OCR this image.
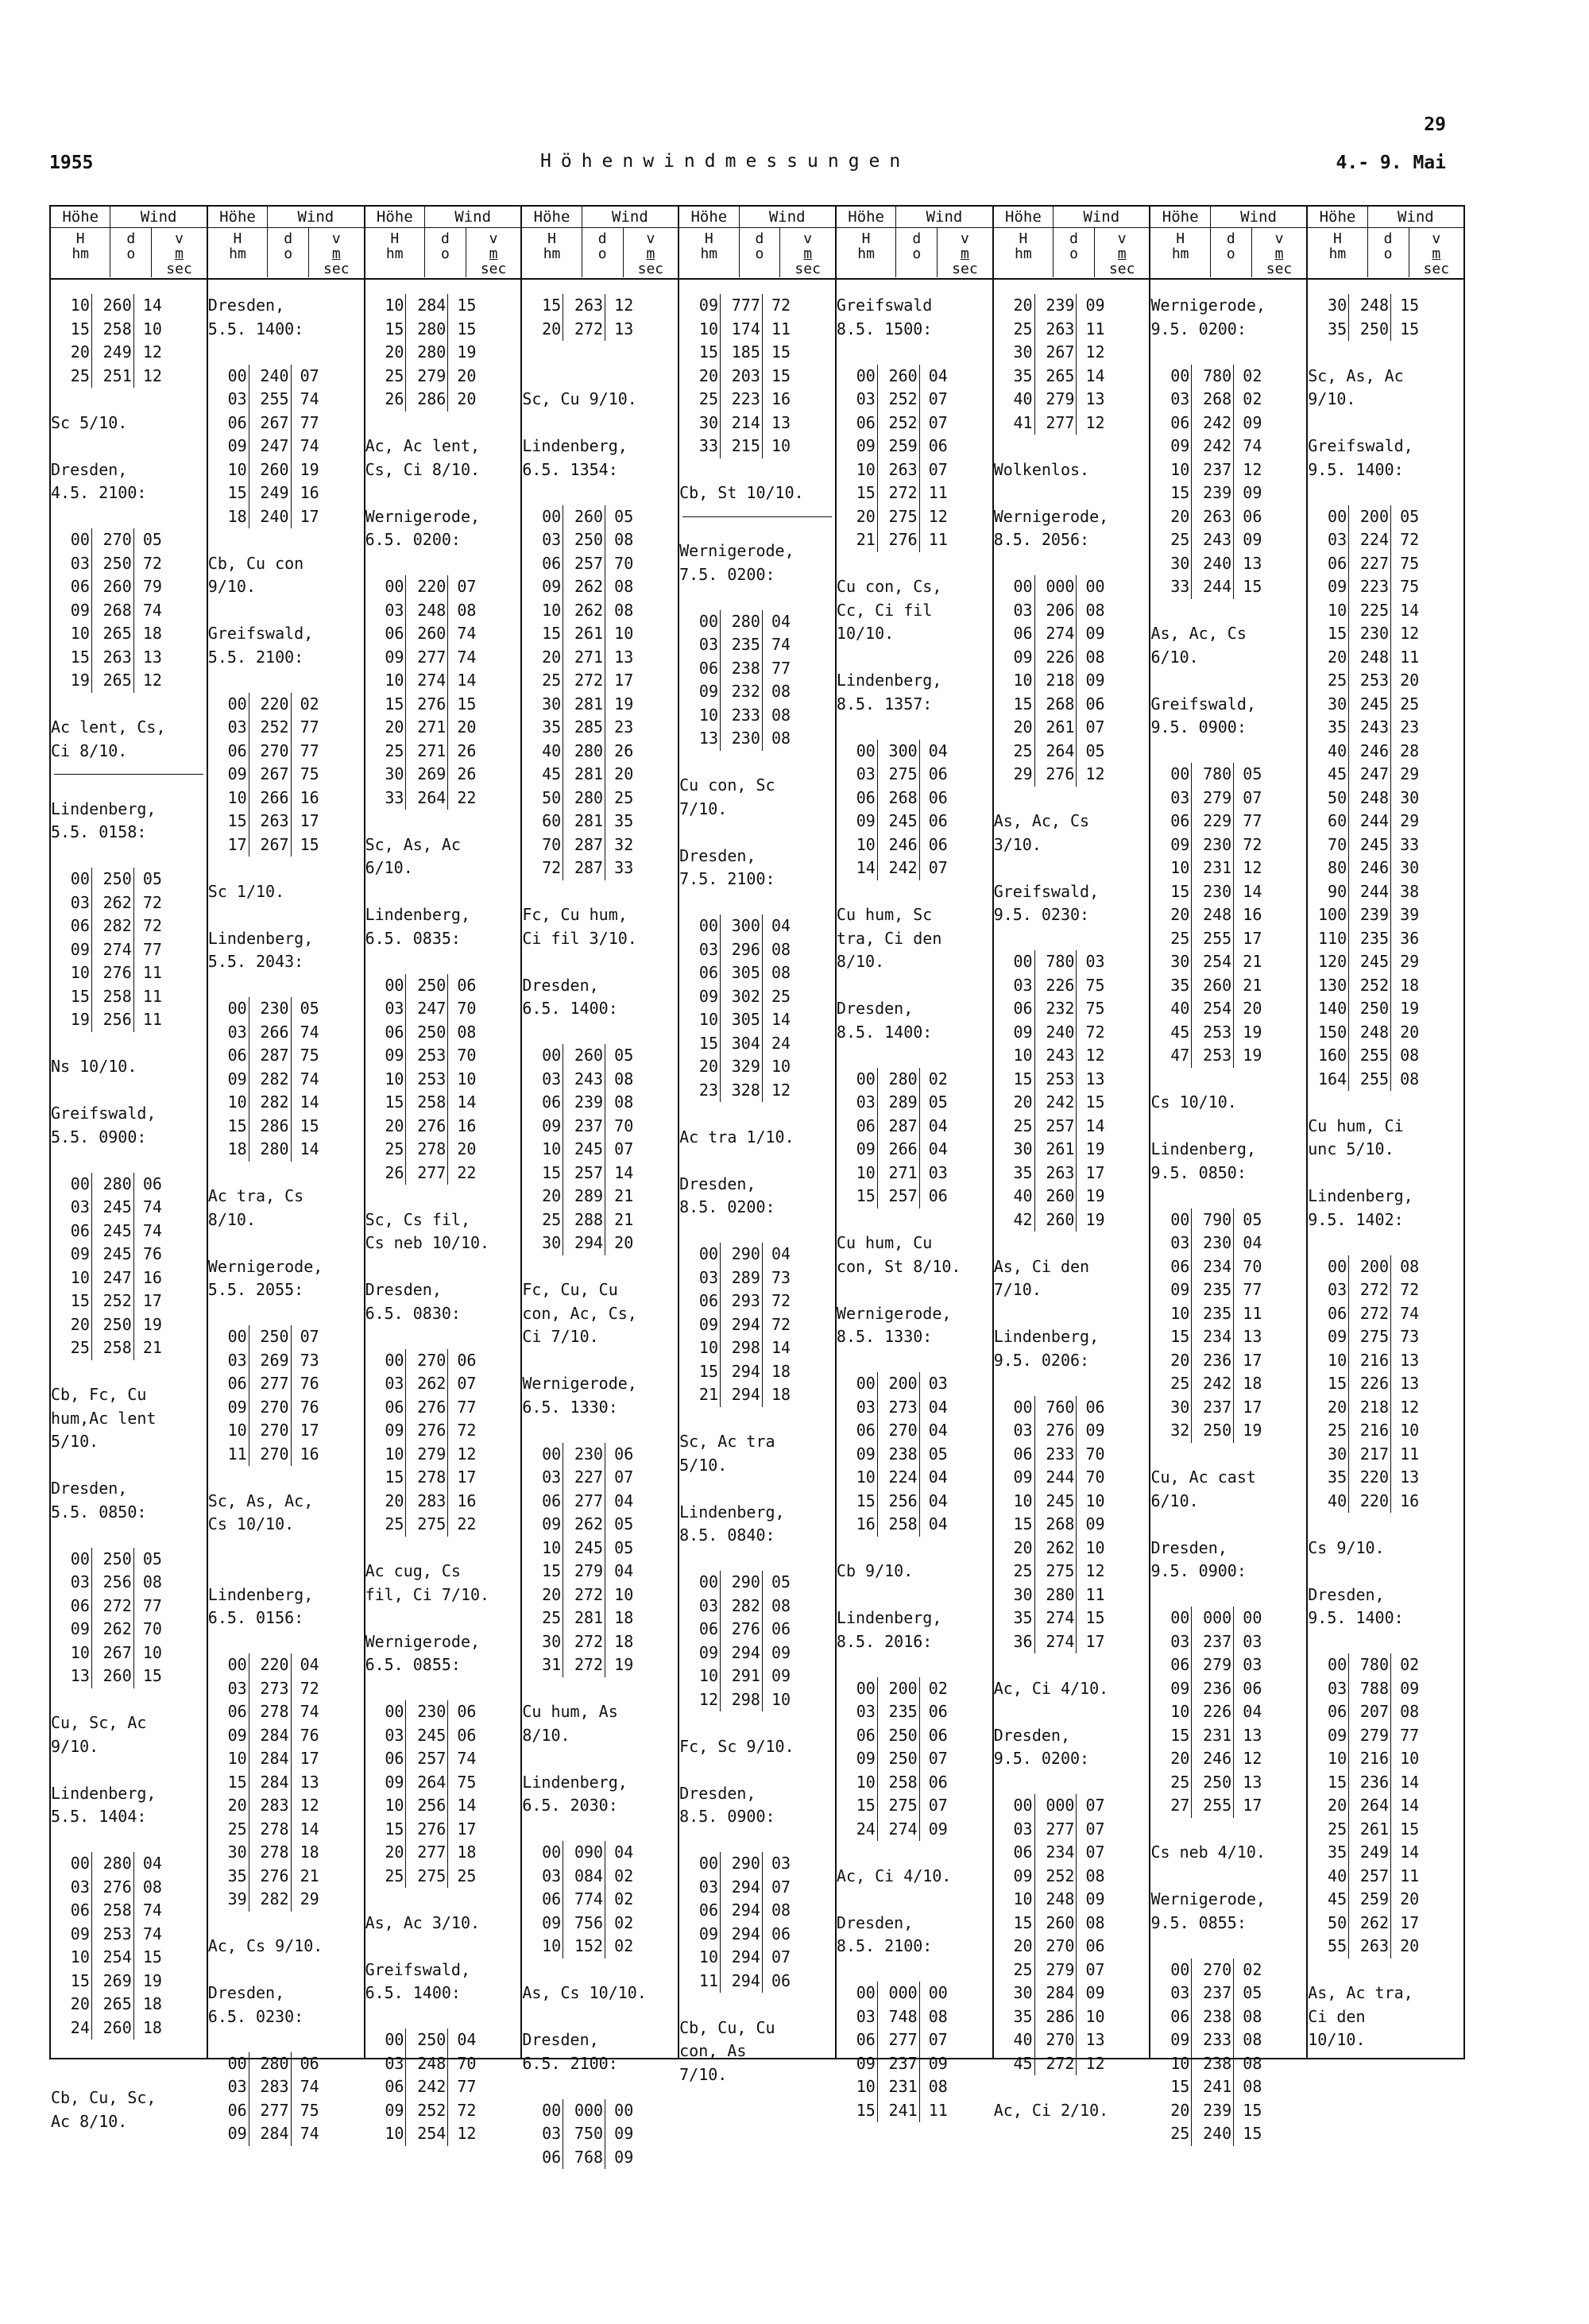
29
1955	Höhenwindmessungen	4.- 9. Mai
Höhe	Wind
H
hm
d
o
v
m
sec
10 260 14
15 258 10
20 249 12
25 251 12
Sc 5/10.
Dresden,
4.5. 2100:
00 270 05
03 250 72
06 260 79
09 268 74
10 265 18
15 263 13
19 265 12
Ac lent, Cs,
Ci 8/10.
Lindenberg,
5.5. 0158:
00 250 05
03 262 72
06 282 72
09 274 77
10 276 11
15 258 11
19 256 11
Ns 10/10.
Greifswald,
5.5. 0900:
00 280 06
03 245 74
06 245 74
09 245 76
10 247 16
15 252 17
20 250 19
25 258 21
Cb, Fc, Cu
hum,Ac lent
5/10.
Dresden,
5.5. 0850:
00 250 05
03 256 08
06 272 77
09 262 70
10 267 10
13 260 15
Cu, Sc, Ac
9/10.
Lindenberg,
5.5. 1404:
00 280 04
03 276 08
06 258 74
09 253 74
10 254 15
15 269 19
20 265 18
24 260 18
Cb, Cu, Sc,
Ac 8/10.
Höhe	Wind
H
hm
d
o
v
m
sec
Dresden,
5.5. 1400:
00 240 07
03 255 74
06 267 77
09 247 74
10 260 19
15 249 16
18 240 17
Cb, Cu con
9/10.
Greifswald,
5.5. 2100:
00 220 02
03 252 77
06 270 77
09 267 75
10 266 16
15 263 17
17 267 15
Sc 1/10.
Lindenberg,
5.5. 2043:
00 230 05
03 266 74
06 287 75
09 282 74
10 282 14
15 286 15
18 280 14
Ac tra, Cs
8/10.
Wernigerode,
5.5. 2055:
00 250 07
03 269 73
06 277 76
09 270 76
10 270 17
11 270 16
Sc, As, Ac,
Cs 10/10.
Lindenberg,
6.5. 0156:
00 220 04
03 273 72
06 278 74
09 284 76
10 284 17
15 284 13
20 283 12
25 278 14
30 278 18
35 276 21
39 282 29
Ac, Cs 9/10.
Dresden,
6.5. 0230:
00 280 06
03 283 74
06 277 75
09 284 74
Höhe	Wind
H
hm
d
o
v
m
sec
10 284 15
15 280 15
20 280 19
25 279 20
26 286 20
Ac, Ac lent,
Cs, Ci 8/10.
Wernigerode,
6.5. 0200:
00 220 07
03 248 08
06 260 74
09 277 74
10 274 14
15 276 15
20 271 20
25 271 26
30 269 26
33 264 22
Sc, As, Ac
6/10.
Lindenberg,
6.5. 0835:
00 250 06
03 247 70
06 250 08
09 253 70
10 253 10
15 258 14
20 276 16
25 278 20
26 277 22
Sc, Cs fil,
Cs neb 10/10.
Dresden,
6.5. 0830:
00 270 06
03 262 07
06 276 77
09 276 72
10 279 12
15 278 17
20 283 16
25 275 22
Ac cug, Cs
fil, Ci 7/10.
Wernigerode,
6.5. 0855:
00 230 06
03 245 06
06 257 74
09 264 75
10 256 14
15 276 17
20 277 18
25 275 25
As, Ac 3/10.
Greifswald,
6.5. 1400:
00 250 04
03 248 70
06 242 77
09 252 72
10 254 12
Höhe	Wind
H
hm
d
o
v
m
sec
15 263 12
20 272 13
Sc, Cu 9/10.
Lindenberg,
6.5. 1354:
00 260 05
03 250 08
06 257 70
09 262 08
10 262 08
15 261 10
20 271 13
25 272 17
30 281 19
35 285 23
40 280 26
45 281 20
50 280 25
60 281 35
70 287 32
72 287 33
Fc, Cu hum,
Ci fil 3/10.
Dresden,
6.5. 1400:
00 260 05
03 243 08
06 239 08
09 237 70
10 245 07
15 257 14
20 289 21
25 288 21
30 294 20
Fc, Cu, Cu
con, Ac, Cs,
Ci 7/10.
Wernigerode,
6.5. 1330:
00 230 06
03 227 07
06 277 04
09 262 05
10 245 05
15 279 04
20 272 10
25 281 18
30 272 18
31 272 19
Cu hum, As
8/10.
Lindenberg,
6.5. 2030:
00 090 04
03 084 02
06 774 02
09 756 02
10 152 02
As, Cs 10/10.
Dresden,
6.5. 2100:
00 000 00
03 750 09
06 768 09
Höhe	Wind
H
hm
d
o
v
m
sec
09 777 72
10 174 11
15 185 15
20 203 15
25 223 16
30 214 13
33 215 10
Cb, St 10/10.
Wernigerode,
7.5. 0200:
00 280 04
03 235 74
06 238 77
09 232 08
10 233 08
13 230 08
Cu con, Sc
7/10.
Dresden,
7.5. 2100:
00 300 04
03 296 08
06 305 08
09 302 25
10 305 14
15 304 24
20 329 10
23 328 12
Ac tra 1/10.
Dresden,
8.5. 0200:
00 290 04
03 289 73
06 293 72
09 294 72
10 298 14
15 294 18
21 294 18
Sc, Ac tra
5/10.
Lindenberg,
8.5. 0840:
00 290 05
03 282 08
06 276 06
09 294 09
10 291 09
12 298 10
Fc, Sc 9/10.
Dresden,
8.5. 0900:
00 290 03
03 294 07
06 294 08
09 294 06
10 294 07
11 294 06
Cb, Cu, Cu
con, As
7/10.
Höhe	Wind
H
hm
d
o
v
m
sec
Greifswald
8.5. 1500:
00 260 04
03 252 07
06 252 07
09 259 06
10 263 07
15 272 11
20 275 12
21 276 11
Cu con, Cs,
Cc, Ci fil
10/10.
Lindenberg,
8.5. 1357:
00 300 04
03 275 06
06 268 06
09 245 06
10 246 06
14 242 07
Cu hum, Sc
tra, Ci den
8/10.
Dresden,
8.5. 1400:
00 280 02
03 289 05
06 287 04
09 266 04
10 271 03
15 257 06
Cu hum, Cu
con, St 8/10.
Wernigerode,
8.5. 1330:
00 200 03
03 273 04
06 270 04
09 238 05
10 224 04
15 256 04
16 258 04
Cb 9/10.
Lindenberg,
8.5. 2016:
00 200 02
03 235 06
06 250 06
09 250 07
10 258 06
15 275 07
24 274 09
Ac, Ci 4/10.
Dresden,
8.5. 2100:
00 000 00
03 748 08
06 277 07
09 237 09
10 231 08
15 241 11
Höhe	Wind
H
hm
d
o
v
m
sec
20 239 09
25 263 11
30 267 12
35 265 14
40 279 13
41 277 12
Wolkenlos.
Wernigerode,
8.5. 2056:
00 000 00
03 206 08
06 274 09
09 226 08
10 218 09
15 268 06
20 261 07
25 264 05
29 276 12
As, Ac, Cs
3/10.
Greifswald,
9.5. 0230:
00 780 03
03 226 75
06 232 75
09 240 72
10 243 12
15 253 13
20 242 15
25 257 14
30 261 19
35 263 17
40 260 19
42 260 19
As, Ci den
7/10.
Lindenberg,
9.5. 0206:
00 760 06
03 276 09
06 233 70
09 244 70
10 245 10
15 268 09
20 262 10
25 275 12
30 280 11
35 274 15
36 274 17
Ac, Ci 4/10.
Dresden,
9.5. 0200:
00 000 07
03 277 07
06 234 07
09 252 08
10 248 09
15 260 08
20 270 06
25 279 07
30 284 09
35 286 10
40 270 13
45 272 12
Ac, Ci 2/10.
Höhe	Wind
H
hm
d
o
v
m
sec
Wernigerode,
9.5. 0200:
00 780 02
03 268 02
06 242 09
09 242 74
10 237 12
15 239 09
20 263 06
25 243 09
30 240 13
33 244 15
As, Ac, Cs
6/10.
Greifswald,
9.5. 0900:
00 780 05
03 279 07
06 229 77
09 230 72
10 231 12
15 230 14
20 248 16
25 255 17
30 254 21
35 260 21
40 254 20
45 253 19
47 253 19
Cs 10/10.
Lindenberg,
9.5. 0850:
00 790 05
03 230 04
06 234 70
09 235 77
10 235 11
15 234 13
20 236 17
25 242 18
30 237 17
32 250 19
Cu, Ac cast
6/10.
Dresden,
9.5. 0900:
00 000 00
03 237 03
06 279 03
09 236 06
10 226 04
15 231 13
20 246 12
25 250 13
27 255 17
Cs neb 4/10.
Wernigerode,
9.5. 0855:
00 270 02
03 237 05
06 238 08
09 233 08
10 238 08
15 241 08
20 239 15
25 240 15
Höhe	Wind
H
hm
d
o
v
m
sec
30 248 15
35 250 15
Sc, As, Ac
9/10.
Greifswald,
9.5. 1400:
00 200 05
03 224 72
06 227 75
09 223 75
10 225 14
15 230 12
20 248 11
25 253 20
30 245 25
35 243 23
40 246 28
45 247 29
50 248 30
60 244 29
70 245 33
80 246 30
90 244 38
100 239 39
110 235 36
120 245 29
130 252 18
140 250 19
150 248 20
160 255 08
164 255 08
Cu hum, Ci
unc 5/10.
Lindenberg,
9.5. 1402:
00 200 08
03 272 72
06 272 74
09 275 73
10 216 13
15 226 13
20 218 12
25 216 10
30 217 11
35 220 13
40 220 16
Cs 9/10.
Dresden,
9.5. 1400:
00 780 02
03 788 09
06 207 08
09 279 77
10 216 10
15 236 14
20 264 14
25 261 15
35 249 14
40 257 11
45 259 20
50 262 17
55 263 20
As, Ac tra,
Ci den
10/10.
